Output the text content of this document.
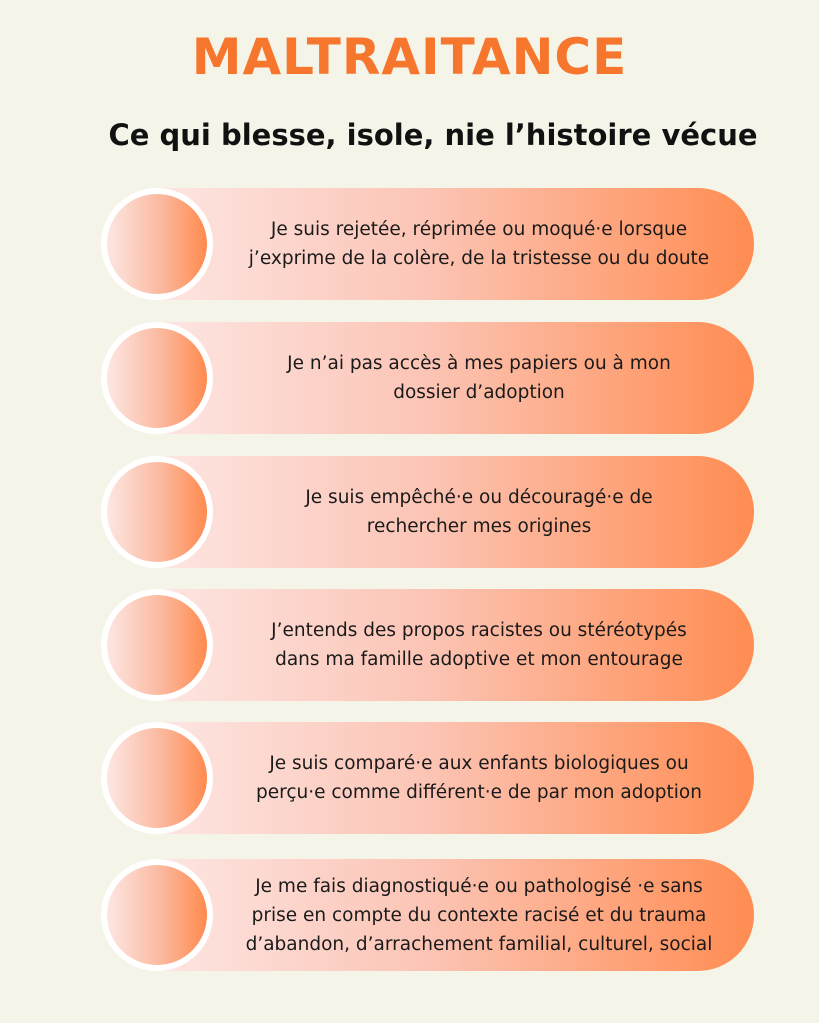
MALTRAITANCE
Ce qui blesse, isole, nie l’histoire vécue
Je suis rejetée, réprimée ou moqué·e lorsque
j’exprime de la colère, de la tristesse ou du doute
Je n’ai pas accès à mes papiers ou à mon
dossier d’adoption
Je suis empêché·e ou découragé·e de
rechercher mes origines
J’entends des propos racistes ou stéréotypés
dans ma famille adoptive et mon entourage
Je suis comparé·e aux enfants biologiques ou
perçu·e comme différent·e de par mon adoption
Je me fais diagnostiqué·e ou pathologisé ·e sans
prise en compte du contexte racisé et du trauma
d’abandon, d’arrachement familial, culturel, social
